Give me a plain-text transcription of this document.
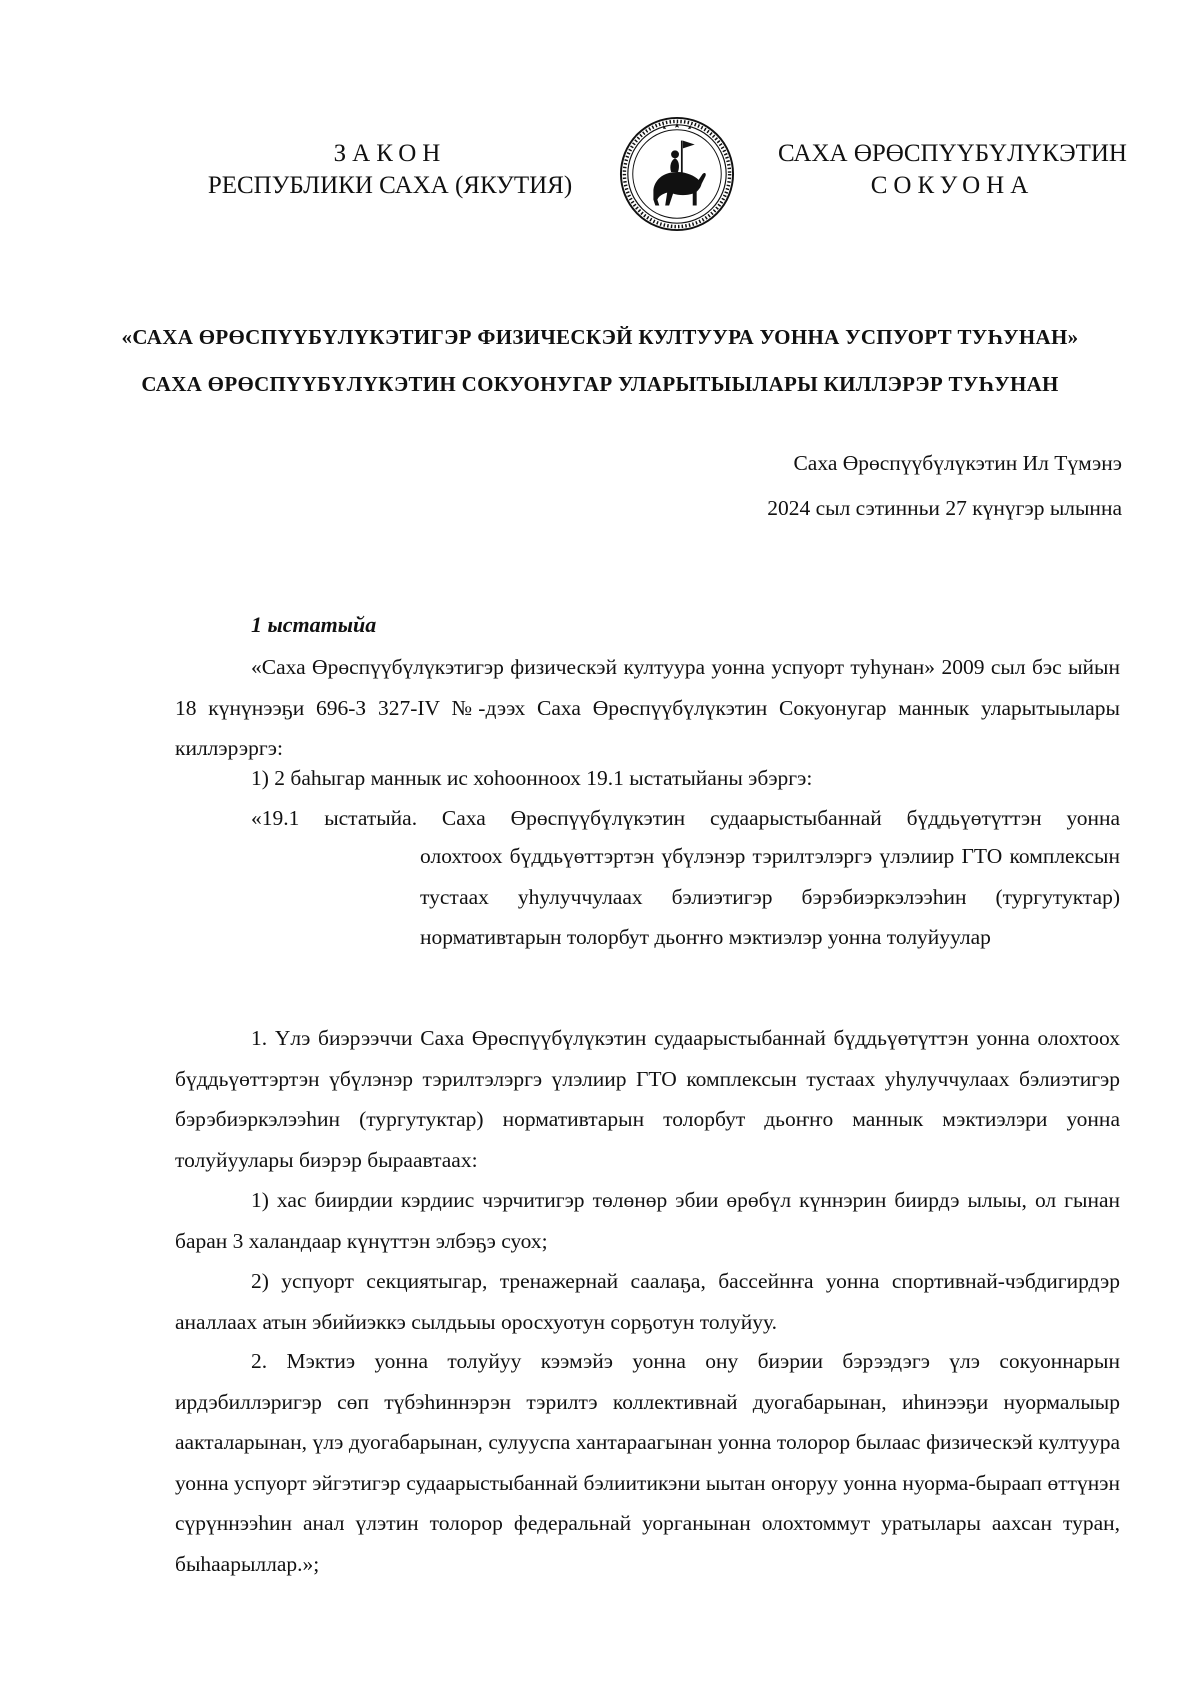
ЗАКОН
РЕСПУБЛИКИ САХА (ЯКУТИЯ)
САХА ӨРӨСПҮҮБҮЛҮКЭТИН
СОКУОНА
«САХА ӨРӨСПҮҮБҮЛҮКЭТИГЭР ФИЗИЧЕСКЭЙ КУЛТУУРА УОННА УСПУОРТ ТУҺУНАН»
САХА ӨРӨСПҮҮБҮЛҮКЭТИН СОКУОНУГАР УЛАРЫТЫЫЛАРЫ КИЛЛЭРЭР ТУҺУНАН
Саха Өрөспүүбүлүкэтин Ил Түмэнэ
2024 сыл сэтинньи 27 күнүгэр ылынна
1 ыстатыйа
«Саха Өрөспүүбүлүкэтигэр физическэй култуура уонна успуорт туһунан» 2009 сыл бэс ыйын 18 күнүнээҕи 696-З 327-IV №-дээх Саха Өрөспүүбүлүкэтин Сокуонугар маннык уларытыылары киллэрэргэ:
1) 2 баһыгар маннык ис хоһоонноох 19.1 ыстатыйаны эбэргэ:
«19.1 ыстатыйа. Саха Өрөспүүбүлүкэтин судаарыстыбаннай бүддьүөтүттэн уонна
олохтоох бүддьүөттэртэн үбүлэнэр тэрилтэлэргэ үлэлиир ГТО комплексын тустаах уһулуччулаах бэлиэтигэр бэрэбиэркэлээһин (тургутуктар) нормативтарын толорбут дьоҥҥо мэктиэлэр уонна толуйуулар
1. Үлэ биэрээччи Саха Өрөспүүбүлүкэтин судаарыстыбаннай бүддьүөтүттэн уонна олохтоох бүддьүөттэртэн үбүлэнэр тэрилтэлэргэ үлэлиир ГТО комплексын тустаах уһулуччулаах бэлиэтигэр бэрэбиэркэлээһин (тургутуктар) нормативтарын толорбут дьоҥҥо маннык мэктиэлэри уонна толуйуулары биэрэр быраавтаах:
1) хас биирдии кэрдиис чэрчитигэр төлөнөр эбии өрөбүл күннэрин биирдэ ылыы, ол гынан баран 3 халандаар күнүттэн элбэҕэ суох;
2) успуорт секциятыгар, тренажернай саалаҕа, бассейнҥа уонна спортивнай-чэбдигирдэр аналлаах атын эбийиэккэ сылдьыы оросхуотун сорҕотун толуйуу.
2. Мэктиэ уонна толуйуу кээмэйэ уонна ону биэрии бэрээдэгэ үлэ сокуоннарын ирдэбиллэригэр сөп түбэһиннэрэн тэрилтэ коллективнай дуогабарынан, иһинээҕи нуормалыыр аакталарынан, үлэ дуогабарынан, сулууспа хантараагынан уонна толорор былаас физическэй култуура уонна успуорт эйгэтигэр судаарыстыбаннай бэлиитикэни ыытан оҥоруу уонна нуорма-быраап өттүнэн сүрүннээһин анал үлэтин толорор федеральнай уорганынан олохтоммут уратылары аахсан туран, быһаарыллар.»;
